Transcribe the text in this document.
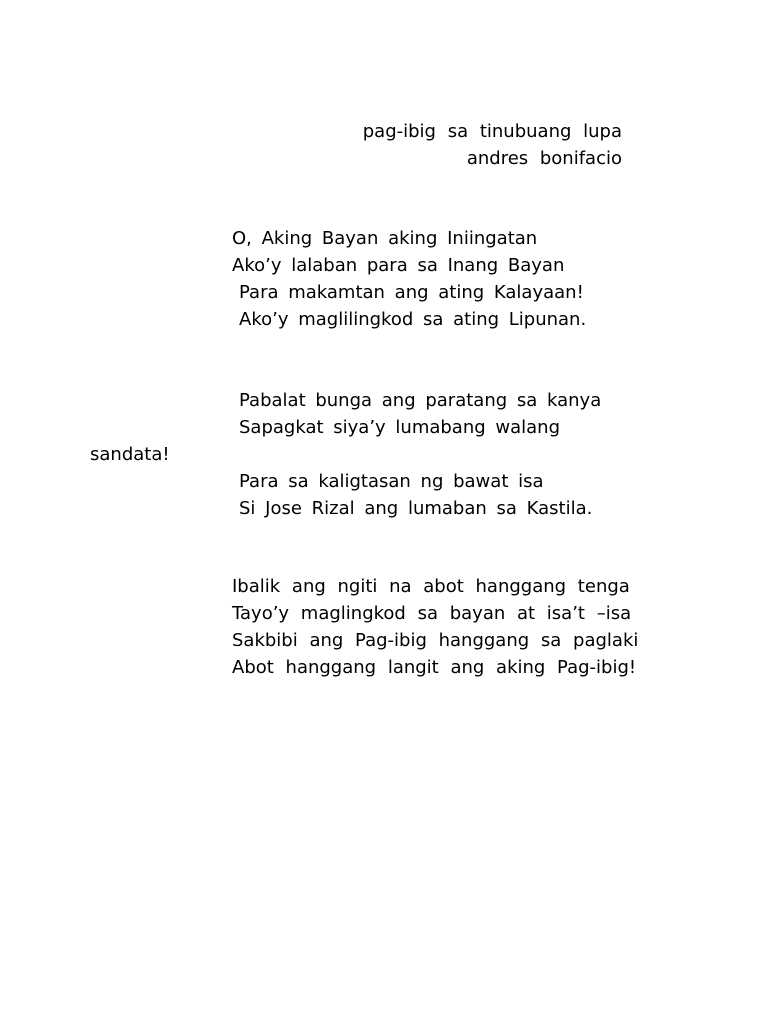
pag-ibig sa tinubuang lupa
andres bonifacio
O, Aking Bayan aking Iniingatan
Ako’y lalaban para sa Inang Bayan
Para makamtan ang ating Kalayaan!
Ako’y maglilingkod sa ating Lipunan.
Pabalat bunga ang paratang sa kanya
Sapagkat siya’y lumabang walang
sandata!
Para sa kaligtasan ng bawat isa
Si Jose Rizal ang lumaban sa Kastila.
Ibalik ang ngiti na abot hanggang tenga
Tayo’y maglingkod sa bayan at isa’t –isa
Sakbibi ang Pag-ibig hanggang sa paglaki
Abot hanggang langit ang aking Pag-ibig!
